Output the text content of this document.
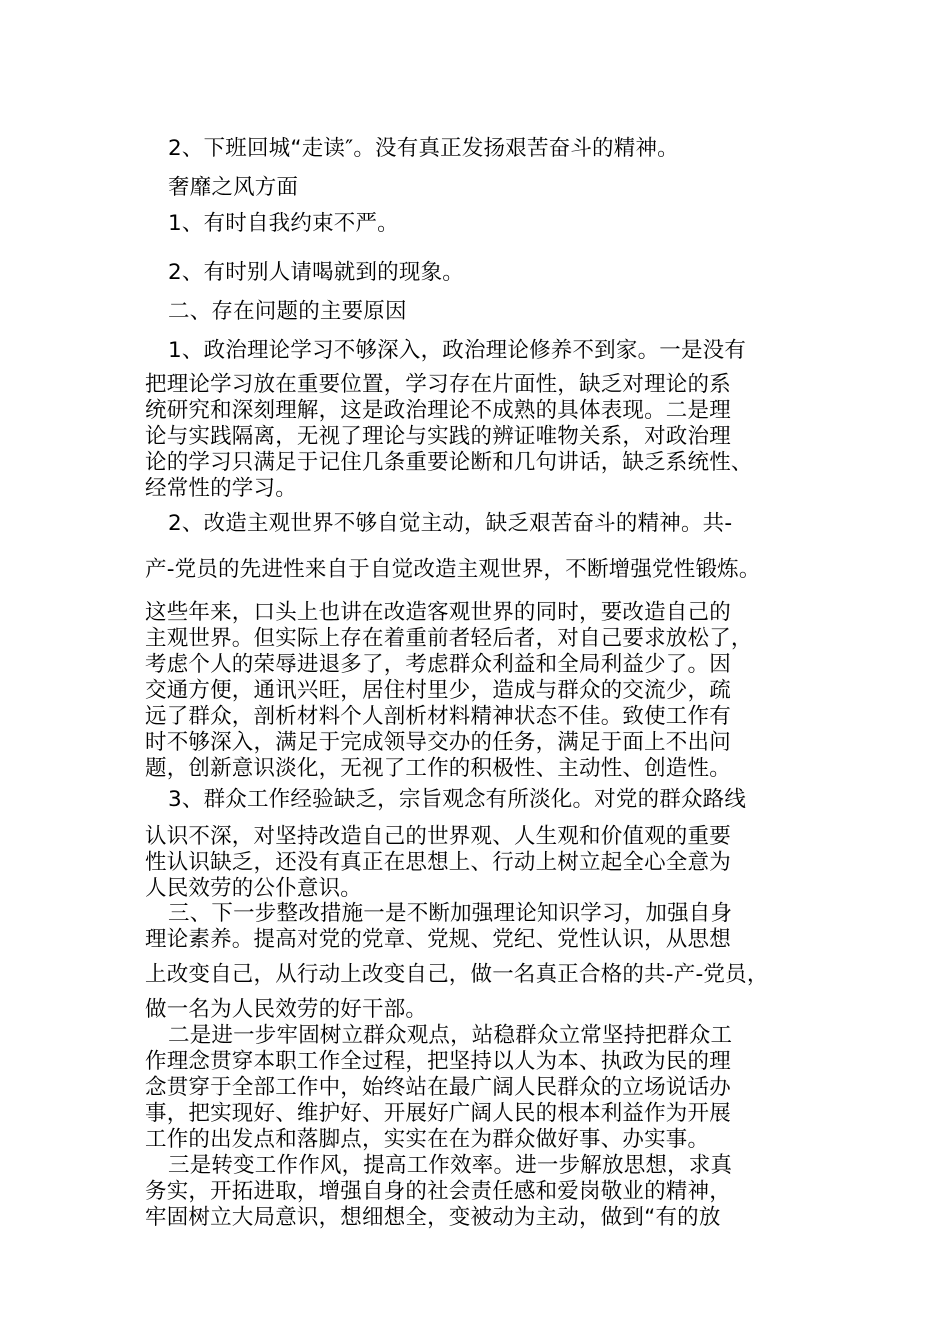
2、下班回城“走读″。没有真正发扬艰苦奋斗的精神。

奢靡之风方面

1、有时自我约束不严。

2、有时别人请喝就到的现象。

二、存在问题的主要原因

1、政治理论学习不够深入，政治理论修养不到家。一是没有

把理论学习放在重要位置，学习存在片面性，缺乏对理论的系

统研究和深刻理解，这是政治理论不成熟的具体表现。二是理

论与实践隔离，无视了理论与实践的辨证唯物关系，对政治理

论的学习只满足于记住几条重要论断和几句讲话，缺乏系统性、

经常性的学习。

2、改造主观世界不够自觉主动，缺乏艰苦奋斗的精神。共-

产-党员的先进性来自于自觉改造主观世界，不断增强党性锻炼。

这些年来，口头上也讲在改造客观世界的同时，要改造自己的

主观世界。但实际上存在着重前者轻后者，对自己要求放松了，

考虑个人的荣辱进退多了，考虑群众利益和全局利益少了。因

交通方便，通讯兴旺，居住村里少，造成与群众的交流少，疏

远了群众，剖析材料个人剖析材料精神状态不佳。致使工作有

时不够深入，满足于完成领导交办的任务，满足于面上不出问

题，创新意识淡化，无视了工作的积极性、主动性、创造性。

3、群众工作经验缺乏，宗旨观念有所淡化。对党的群众路线

认识不深，对坚持改造自己的世界观、人生观和价值观的重要

性认识缺乏，还没有真正在思想上、行动上树立起全心全意为

人民效劳的公仆意识。

三、下一步整改措施一是不断加强理论知识学习，加强自身

理论素养。提高对党的党章、党规、党纪、党性认识，从思想

上改变自己，从行动上改变自己，做一名真正合格的共-产-党员，

做一名为人民效劳的好干部。

二是进一步牢固树立群众观点，站稳群众立常坚持把群众工

作理念贯穿本职工作全过程，把坚持以人为本、执政为民的理

念贯穿于全部工作中，始终站在最广阔人民群众的立场说话办

事，把实现好、维护好、开展好广阔人民的根本利益作为开展

工作的出发点和落脚点，实实在在为群众做好事、办实事。

三是转变工作作风，提高工作效率。进一步解放思想，求真

务实，开拓进取，增强自身的社会责任感和爱岗敬业的精神，

牢固树立大局意识，想细想全，变被动为主动，做到“有的放
